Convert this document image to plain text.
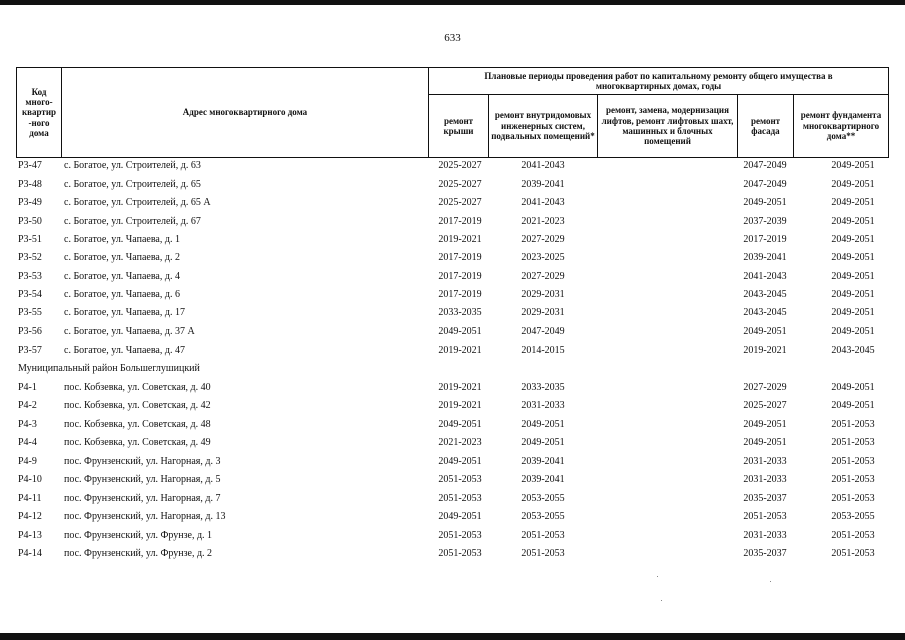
633
Код много-квартир-ного дома
Адрес многоквартирного дома
Плановые периоды проведения работ по капитальному ремонту общего имущества в многоквартирных домах, годы
ремонт крыши
ремонт внутридомовых инженерных систем, подвальных помещений*
ремонт, замена, модернизация лифтов, ремонт лифтовых шахт, машинных и блочных помещений
ремонт фасада
ремонт фундамента многоквартирного дома**
Р3-47 с. Богатое, ул. Строителей, д. 63	2025-2027	2041-2043	2047-2049	2049-2051
Р3-48 с. Богатое, ул. Строителей, д. 65	2025-2027	2039-2041	2047-2049	2049-2051
Р3-49 с. Богатое, ул. Строителей, д. 65 А	2025-2027	2041-2043	2049-2051	2049-2051
Р3-50 с. Богатое, ул. Строителей, д. 67	2017-2019	2021-2023	2037-2039	2049-2051
Р3-51 с. Богатое, ул. Чапаева, д. 1	2019-2021	2027-2029	2017-2019	2049-2051
Р3-52 с. Богатое, ул. Чапаева, д. 2	2017-2019	2023-2025	2039-2041	2049-2051
Р3-53 с. Богатое, ул. Чапаева, д. 4	2017-2019	2027-2029	2041-2043	2049-2051
Р3-54 с. Богатое, ул. Чапаева, д. 6	2017-2019	2029-2031	2043-2045	2049-2051
Р3-55 с. Богатое, ул. Чапаева, д. 17	2033-2035	2029-2031	2043-2045	2049-2051
Р3-56 с. Богатое, ул. Чапаева, д. 37 А	2049-2051	2047-2049	2049-2051	2049-2051
Р3-57 с. Богатое, ул. Чапаева, д. 47	2019-2021	2014-2015	2019-2021	2043-2045
Муниципальный район Большеглушицкий
Р4-1	пос. Кобзевка, ул. Советская, д. 40	2019-2021	2033-2035	2027-2029	2049-2051
Р4-2	пос. Кобзевка, ул. Советская, д. 42	2019-2021	2031-2033	2025-2027	2049-2051
Р4-3	пос. Кобзевка, ул. Советская, д. 48	2049-2051	2049-2051	2049-2051	2051-2053
Р4-4	пос. Кобзевка, ул. Советская, д. 49	2021-2023	2049-2051	2049-2051	2051-2053
Р4-9	пос. Фрунзенский, ул. Нагорная, д. 3	2049-2051	2039-2041	2031-2033	2051-2053
Р4-10 пос. Фрунзенский, ул. Нагорная, д. 5	2051-2053	2039-2041	2031-2033	2051-2053
Р4-11 пос. Фрунзенский, ул. Нагорная, д. 7	2051-2053	2053-2055	2035-2037	2051-2053
Р4-12 пос. Фрунзенский, ул. Нагорная, д. 13	2049-2051	2053-2055	2051-2053	2053-2055
Р4-13 пос. Фрунзенский, ул. Фрунзе, д. 1	2051-2053	2051-2053	2031-2033	2051-2053
Р4-14 пос. Фрунзенский, ул. Фрунзе, д. 2	2051-2053	2051-2053	2035-2037	2051-2053
